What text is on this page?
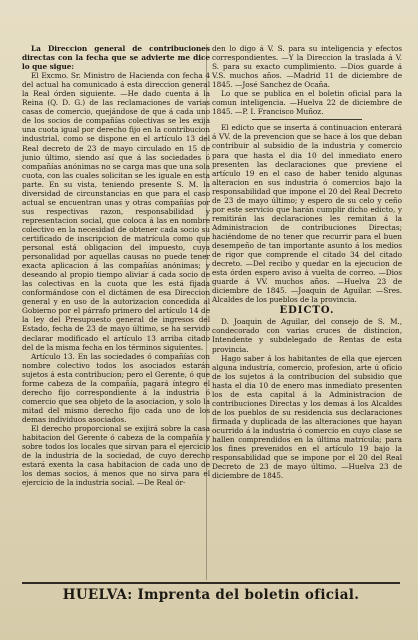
La Direccion general de contribuciones directas con la fecha que se advierte me dice lo que sigue:

El Excmo. Sr. Ministro de Hacienda con fecha 4 del actual ha comunicado á esta direccion general la Real órden siguiente. —He dado cuenta á la Reina (Q. D. G.) de las reclamaciones de varias casas de comercio, quejándose de que á cada uno de los socios de compañías colectivas se les exija una cuota igual por derecho fijo en la contribucion industrial, como se dispone en el artículo 13 del Real decreto de 23 de mayo circulado en 15 de junio último, siendo así que á las sociedades ó compañías anónimas no se carga mas que una sola cuota, con las cuales solicitan se les iguale en esta parte. En su vista, teniendo presente S. M. la diversidad de circunstancias en que para el caso actual se encuentran unas y otras compañías por sus respectivas razon, responsabilidad y representacion social, que coloca á las en nombre colectivo en la necesidad de obtener cada socio su certificado de inscripcion de matrícula como que personal está obligacion del impuesto, cuya personalidad por aquellas causas no puede tener exacta aplicacion á las compañías anónimas; y deseando al propio tiempo aliviar á cada socio de las colectivas en la cuota que les está fijada conformándose con el dictámen de esa Direccion general y en uso de la autorizacion concedida al Gobierno por el párrafo primero del artículo 14 de la ley del Presupuesto general de ingresos del Estado, fecha de 23 de mayo último, se ha servido declarar modificado el artículo 13 arriba citado del de la misma fecha en los términos siguientes.

Artículo 13. En las sociedades ó compañías con nombre colectivo todos los asociados estarán sujetos á esta contribucion; pero el Gerente, ó que forme cabeza de la compañía, pagará íntegro el derecho fijo correspondiente á la industria ó comercio que sea objeto de la asociacion, y solo la mitad del mismo derecho fijo cada uno de los demas individuos asociados.

El derecho proporcional se exijirá sobre la casa habitacion del Gerente ó cabeza de la compañía y sobre todos los locales que sirvan para el ejercicio de la industria de la sociedad, de cuyo derecho estará exenta la casa habitacion de cada uno de los demas socios, á menos que no sirva para el ejercicio de la industria social. —De Real ór-

den lo digo á V. S. para su inteligencia y efectos correspondientes. —Y la Direccion la traslada á V. S. para su exacto cumplimiento. —Dios guarde á V.S. muchos años. —Madrid 11 de diciembre de 1845. —José Sanchez de Ocaña.

Lo que se publica en el boletin oficial para la comun inteligencia. —Huelva 22 de diciembre de 1845. —P. I. Francisco Muñoz.

El edicto que se inserta á continuacion enterará á VV. de la prevencion que se hace á los que deban contribuir al subsidio de la industria y comercio para que hasta el dia 10 del inmediato enero presenten las declaraciones que previene el artículo 19 en el caso de haber tenido algunas alteracion en sus industria ó comercios bajo la responsabilidad que impone el 20 del Real Decreto de 23 de mayo último; y espero de su celo y ceño por este servicio que harán cumplir dicho edicto, y remitirán las declaraciones les remitan á la Administracion de contribuciones Directas; haciéndome de no tener que recurrir para el buen desempeño de tan importante asunto á los medios de rigor que comprende el citado 34 del citado decreto. —Del recibo y quedar en la ejecucion de esta órden espero aviso á vuelta de correo. —Dios guarde á VV. muchos años. —Huelva 23 de diciembre de 1845. —Joaquin de Aguilar. —Sres. Alcaldes de los pueblos de la provincia.

EDICTO.

D. Joaquin de Aguilar, del consejo de S. M., condecorado con varias cruces de distincion, Intendente y subdelegado de Rentas de esta provincia.

Hago saber á los habitantes de ella que ejercen alguna industria, comercio, profesion, arte ú oficio de los sujetos á la contribucion del subsidio que hasta el dia 10 de enero mas inmediato presenten los de esta capital á la Administracion de contribuciones Directas y los demas á los Alcaldes de los pueblos de su residencia sus declaraciones firmada y duplicada de las alteraciones que hayan ocurrido á la industria ó comercio en cuyo clase se hallen comprendidos en la última matrícula; para los fines prevenidos en el artículo 19 bajo la responsabilidad que se impone por el 20 del Real Decreto de 23 de mayo último. —Huelva 23 de diciembre de 1845.

HUELVA: Imprenta del boletin oficial.
